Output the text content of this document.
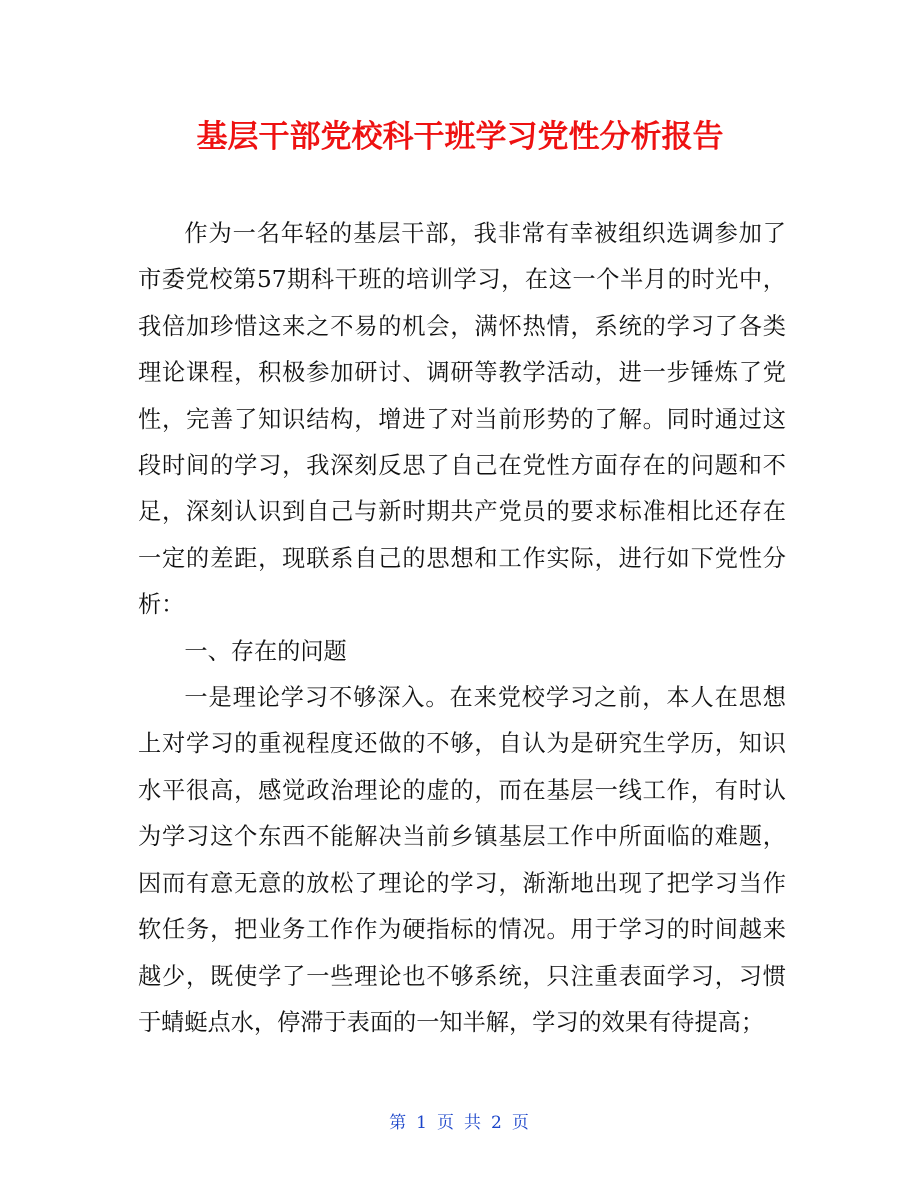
基层干部党校科干班学习党性分析报告

作为一名年轻的基层干部，我非常有幸被组织选调参加了市委党校第57期科干班的培训学习，在这一个半月的时光中，我倍加珍惜这来之不易的机会，满怀热情，系统的学习了各类理论课程，积极参加研讨、调研等教学活动，进一步锤炼了党性，完善了知识结构，增进了对当前形势的了解。同时通过这段时间的学习，我深刻反思了自己在党性方面存在的问题和不足，深刻认识到自己与新时期共产党员的要求标准相比还存在一定的差距，现联系自己的思想和工作实际，进行如下党性分析：

一、存在的问题

一是理论学习不够深入。在来党校学习之前，本人在思想上对学习的重视程度还做的不够，自认为是研究生学历，知识水平很高，感觉政治理论的虚的，而在基层一线工作，有时认为学习这个东西不能解决当前乡镇基层工作中所面临的难题，因而有意无意的放松了理论的学习，渐渐地出现了把学习当作软任务，把业务工作作为硬指标的情况。用于学习的时间越来越少，既使学了一些理论也不够系统，只注重表面学习，习惯于蜻蜓点水，停滞于表面的一知半解，学习的效果有待提高；

第 1 页 共 2 页
